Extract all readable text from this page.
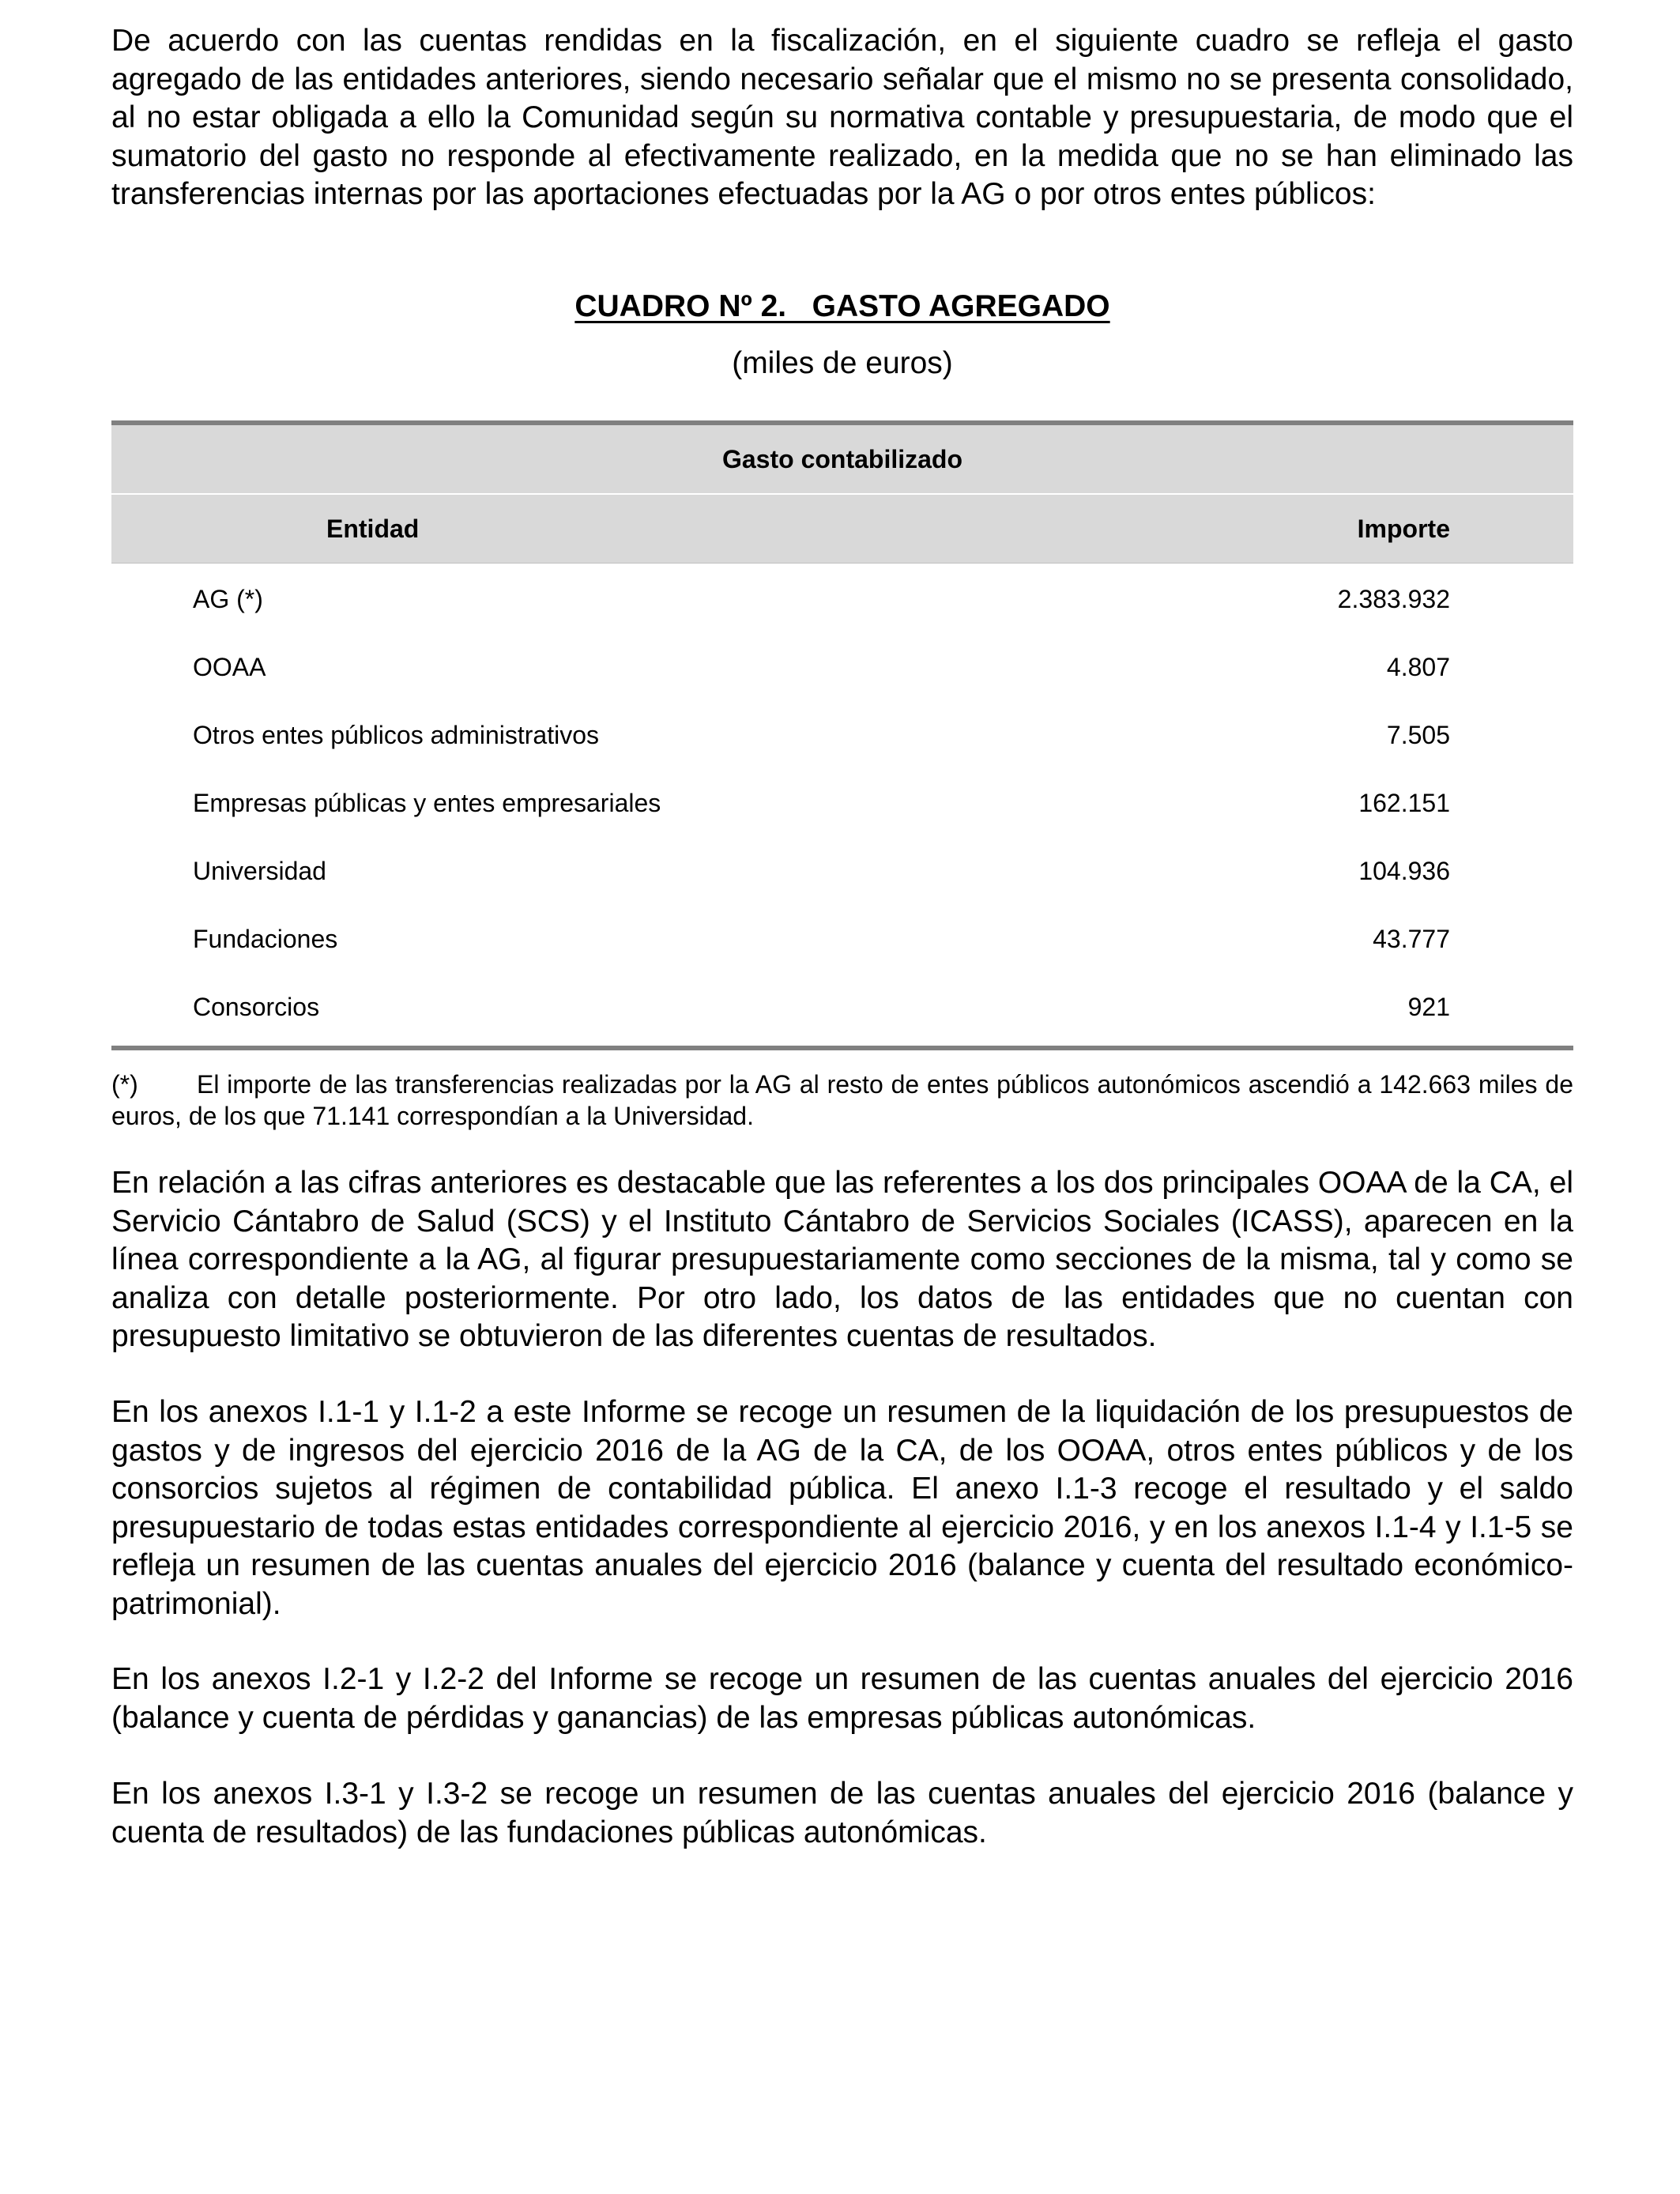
De acuerdo con las cuentas rendidas en la fiscalización, en el siguiente cuadro se refleja el gasto agregado de las entidades anteriores, siendo necesario señalar que el mismo no se presenta consolidado, al no estar obligada a ello la Comunidad según su normativa contable y presupuestaria, de modo que el sumatorio del gasto no responde al efectivamente realizado, en la medida que no se han eliminado las transferencias internas por las aportaciones efectuadas por la AG o por otros entes públicos:

CUADRO Nº 2.   GASTO AGREGADO
(miles de euros)
Gasto contabilizado
Entidad	Importe
AG (*)	2.383.932
OOAA	4.807
Otros entes públicos administrativos	7.505
Empresas públicas y entes empresariales	162.151
Universidad	104.936
Fundaciones	43.777
Consorcios	921
(*) El importe de las transferencias realizadas por la AG al resto de entes públicos autonómicos ascendió a 142.663 miles de euros, de los que 71.141 correspondían a la Universidad.

En relación a las cifras anteriores es destacable que las referentes a los dos principales OOAA de la CA, el Servicio Cántabro de Salud (SCS) y el Instituto Cántabro de Servicios Sociales (ICASS), aparecen en la línea correspondiente a la AG, al figurar presupuestariamente como secciones de la misma, tal y como se analiza con detalle posteriormente. Por otro lado, los datos de las entidades que no cuentan con presupuesto limitativo se obtuvieron de las diferentes cuentas de resultados.

En los anexos I.1-1 y I.1-2 a este Informe se recoge un resumen de la liquidación de los presupuestos de gastos y de ingresos del ejercicio 2016 de la AG de la CA, de los OOAA, otros entes públicos y de los consorcios sujetos al régimen de contabilidad pública. El anexo I.1-3 recoge el resultado y el saldo presupuestario de todas estas entidades correspondiente al ejercicio 2016, y en los anexos I.1-4 y I.1-5 se refleja un resumen de las cuentas anuales del ejercicio 2016 (balance y cuenta del resultado económico-patrimonial).

En los anexos I.2-1 y I.2-2 del Informe se recoge un resumen de las cuentas anuales del ejercicio 2016 (balance y cuenta de pérdidas y ganancias) de las empresas públicas autonómicas.

En los anexos I.3-1 y I.3-2 se recoge un resumen de las cuentas anuales del ejercicio 2016 (balance y cuenta de resultados) de las fundaciones públicas autonómicas.
